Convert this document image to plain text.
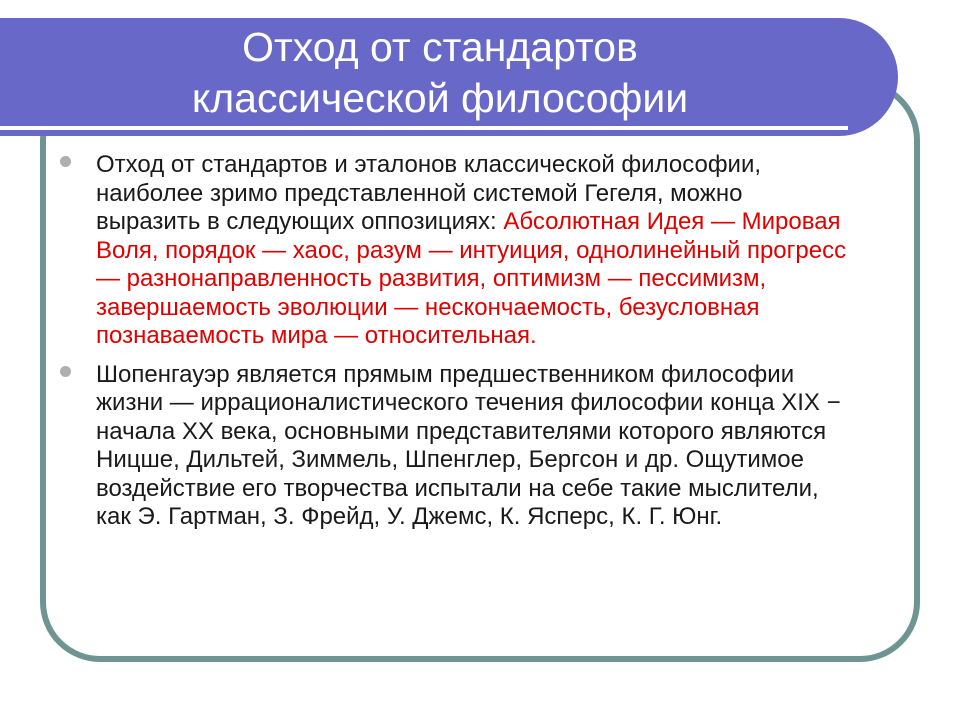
Отход от стандартов
классической философии
Отход от стандартов и эталонов классической философии, наиболее зримо представленной системой Гегеля, можно выразить в следующих оппозициях: Абсолютная Идея — Мировая Воля, порядок — хаос, разум — интуиция, однолинейный прогресс — разнонаправленность развития, оптимизм — пессимизм, завершаемость эволюции — нескончаемость, безусловная познаваемость мира — относительная.
Шопенгауэр является прямым предшественником философии жизни — иррационалистического течения философии конца XIX − начала XX века, основными представителями которого являются Ницше, Дильтей, Зиммель, Шпенглер, Бергсон и др. Ощутимое воздействие его творчества испытали на себе такие мыслители, как Э. Гартман, З. Фрейд, У. Джемс, К. Ясперс, К. Г. Юнг.
